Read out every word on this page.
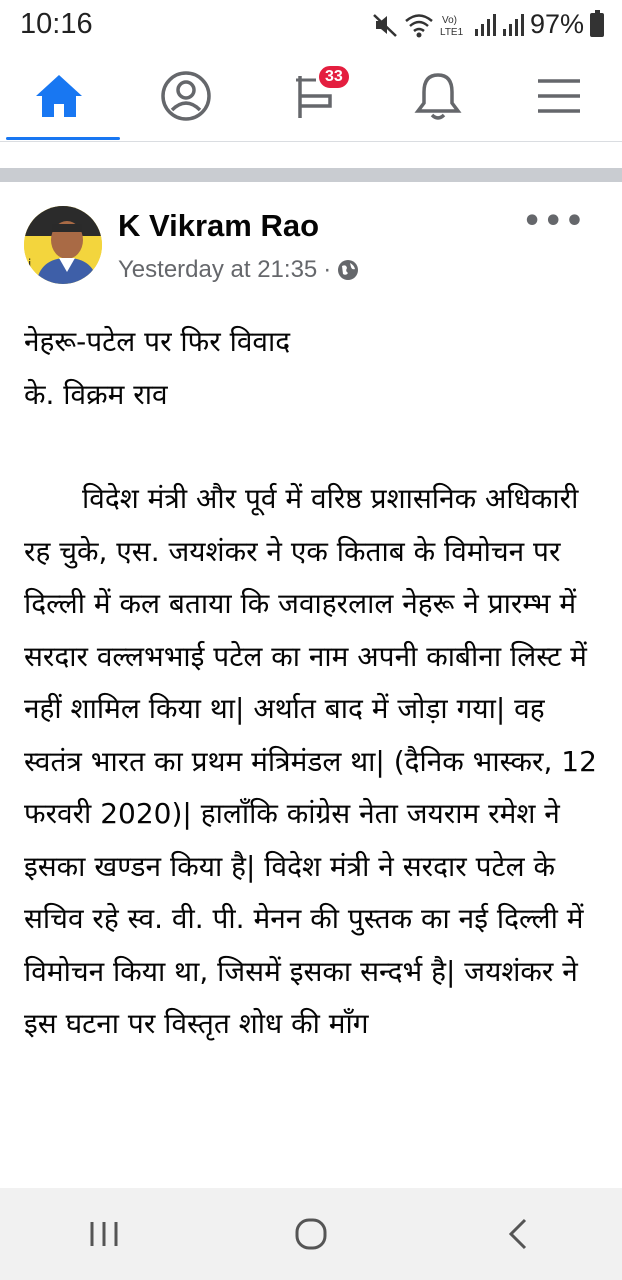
10:16	Vo)
LTE1 97%
33
i
K Vikram Rao
Yesterday at 21:35 ·
•••

नेहरू-पटेल पर फिर विवाद

के. विक्रम राव

विदेश मंत्री और पूर्व में वरिष्ठ प्रशासनिक अधिकारी रह चुके, एस. जयशंकर ने एक किताब के विमोचन पर दिल्ली में कल बताया कि जवाहरलाल नेहरू ने प्रारम्भ में सरदार वल्लभभाई पटेल का नाम अपनी काबीना लिस्ट में नहीं शामिल किया था| अर्थात बाद में जोड़ा गया| वह स्वतंत्र भारत का प्रथम मंत्रिमंडल था| (दैनिक भास्कर, 12 फरवरी 2020)| हालाँकि कांग्रेस नेता जयराम रमेश ने इसका खण्डन किया है| विदेश मंत्री ने सरदार पटेल के सचिव रहे स्व. वी. पी. मेनन की पुस्तक का नई दिल्ली में विमोचन किया था, जिसमें इसका सन्दर्भ है| जयशंकर ने इस घटना पर विस्तृत शोध की माँग
